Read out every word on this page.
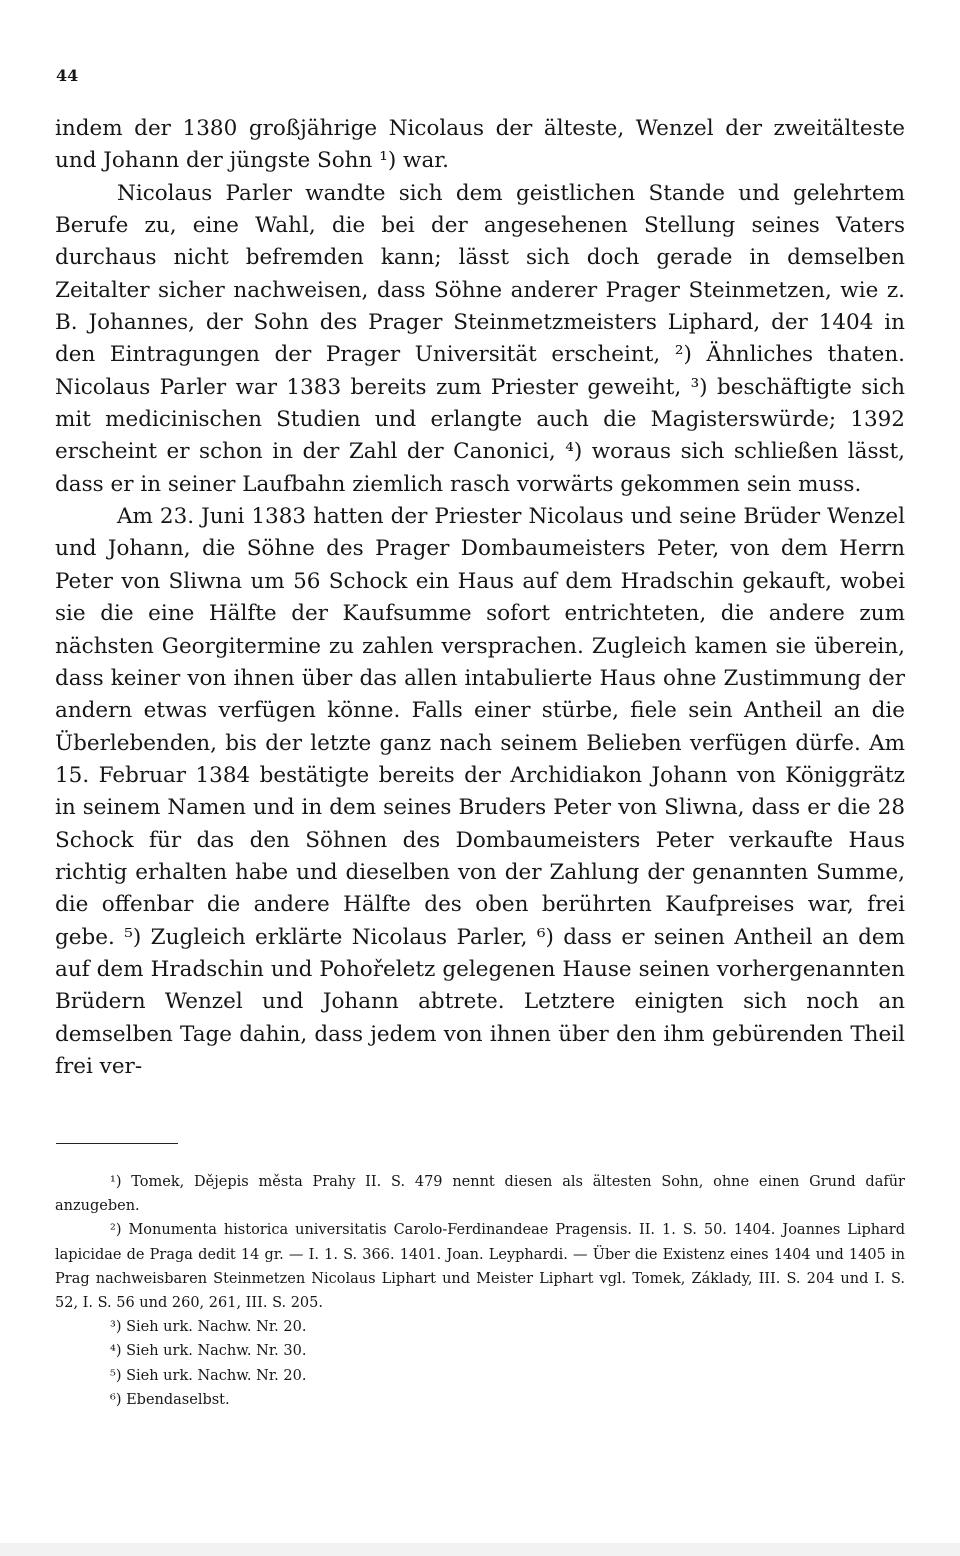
44

indem der 1380 großjährige Nicolaus der älteste, Wenzel der zweitälteste und Johann der jüngste Sohn ¹) war.

Nicolaus Parler wandte sich dem geistlichen Stande und gelehrtem Berufe zu, eine Wahl, die bei der angesehenen Stellung seines Vaters durchaus nicht befremden kann; lässt sich doch gerade in demselben Zeitalter sicher nachweisen, dass Söhne anderer Prager Steinmetzen, wie z. B. Johannes, der Sohn des Prager Steinmetzmeisters Liphard, der 1404 in den Eintragungen der Prager Universität erscheint, ²) Ähnliches thaten. Nicolaus Parler war 1383 bereits zum Priester geweiht, ³) beschäftigte sich mit medicinischen Studien und erlangte auch die Magisterswürde; 1392 erscheint er schon in der Zahl der Canonici, ⁴) woraus sich schließen lässt, dass er in seiner Laufbahn ziemlich rasch vorwärts gekommen sein muss.

Am 23. Juni 1383 hatten der Priester Nicolaus und seine Brüder Wenzel und Johann, die Söhne des Prager Dombaumeisters Peter, von dem Herrn Peter von Sliwna um 56 Schock ein Haus auf dem Hradschin gekauft, wobei sie die eine Hälfte der Kaufsumme sofort entrichteten, die andere zum nächsten Georgitermine zu zahlen versprachen. Zugleich kamen sie überein, dass keiner von ihnen über das allen intabulierte Haus ohne Zustimmung der andern etwas verfügen könne. Falls einer stürbe, fiele sein Antheil an die Überlebenden, bis der letzte ganz nach seinem Belieben verfügen dürfe. Am 15. Februar 1384 bestätigte bereits der Archidiakon Johann von Königgrätz in seinem Namen und in dem seines Bruders Peter von Sliwna, dass er die 28 Schock für das den Söhnen des Dombaumeisters Peter verkaufte Haus richtig erhalten habe und dieselben von der Zahlung der genannten Summe, die offenbar die andere Hälfte des oben berührten Kaufpreises war, frei gebe. ⁵) Zugleich erklärte Nicolaus Parler, ⁶) dass er seinen Antheil an dem auf dem Hradschin und Pohořeletz gelegenen Hause seinen vorhergenannten Brüdern Wenzel und Johann abtrete. Letztere einigten sich noch an demselben Tage dahin, dass jedem von ihnen über den ihm gebürenden Theil frei ver-

¹) Tomek, Dějepis města Prahy II. S. 479 nennt diesen als ältesten Sohn, ohne einen Grund dafür anzugeben.

²) Monumenta historica universitatis Carolo-Ferdinandeae Pragensis. II. 1. S. 50. 1404. Joannes Liphard lapicidae de Praga dedit 14 gr. — I. 1. S. 366. 1401. Joan. Leyphardi. — Über die Existenz eines 1404 und 1405 in Prag nachweisbaren Steinmetzen Nicolaus Liphart und Meister Liphart vgl. Tomek, Základy, III. S. 204 und I. S. 52, I. S. 56 und 260, 261, III. S. 205.

³) Sieh urk. Nachw. Nr. 20.

⁴) Sieh urk. Nachw. Nr. 30.

⁵) Sieh urk. Nachw. Nr. 20.

⁶) Ebendaselbst.
